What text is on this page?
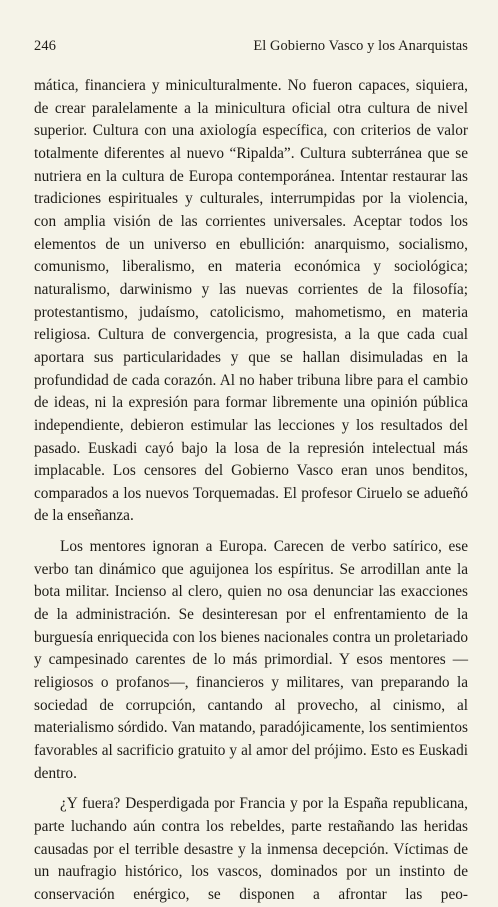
246	El Gobierno Vasco y los Anarquistas

mática, financiera y miniculturalmente. No fueron capaces, siquiera, de crear paralelamente a la minicultura oficial otra cultura de nivel superior. Cultura con una axiología específica, con criterios de valor totalmente diferentes al nuevo “Ripalda”. Cultura subterránea que se nutriera en la cultura de Europa contemporánea. Intentar restaurar las tradiciones espirituales y culturales, interrumpidas por la violencia, con amplia visión de las corrientes universales. Aceptar todos los elementos de un universo en ebullición: anarquismo, socialismo, comunismo, liberalismo, en materia económica y sociológica; naturalismo, darwinismo y las nuevas corrientes de la filosofía; protestantismo, judaísmo, catolicismo, mahometismo, en materia religiosa. Cultura de convergencia, progresista, a la que cada cual aportara sus particularidades y que se hallan disimuladas en la profundidad de cada corazón. Al no haber tribuna libre para el cambio de ideas, ni la expresión para formar libremente una opinión pública independiente, debieron estimular las lecciones y los resultados del pasado. Euskadi cayó bajo la losa de la represión intelectual más implacable. Los censores del Gobierno Vasco eran unos benditos, comparados a los nuevos Torquemadas. El profesor Ciruelo se adueñó de la enseñanza.

Los mentores ignoran a Europa. Carecen de verbo satírico, ese verbo tan dinámico que aguijonea los espíritus. Se arrodillan ante la bota militar. Incienso al clero, quien no osa denunciar las exacciones de la administración. Se desinteresan por el enfrentamiento de la burguesía enriquecida con los bienes nacionales contra un proletariado y campesinado carentes de lo más primordial. Y esos mentores —religiosos o profanos—, financieros y militares, van preparando la sociedad de corrupción, cantando al provecho, al cinismo, al materialismo sórdido. Van matando, paradójicamente, los sentimientos favorables al sacrificio gratuito y al amor del prójimo. Esto es Euskadi dentro.

¿Y fuera? Desperdigada por Francia y por la España republicana, parte luchando aún contra los rebeldes, parte restañando las heridas causadas por el terrible desastre y la inmensa decepción. Víctimas de un naufragio histórico, los vascos, dominados por un instinto de conservación enérgico, se disponen a afrontar las peo-
